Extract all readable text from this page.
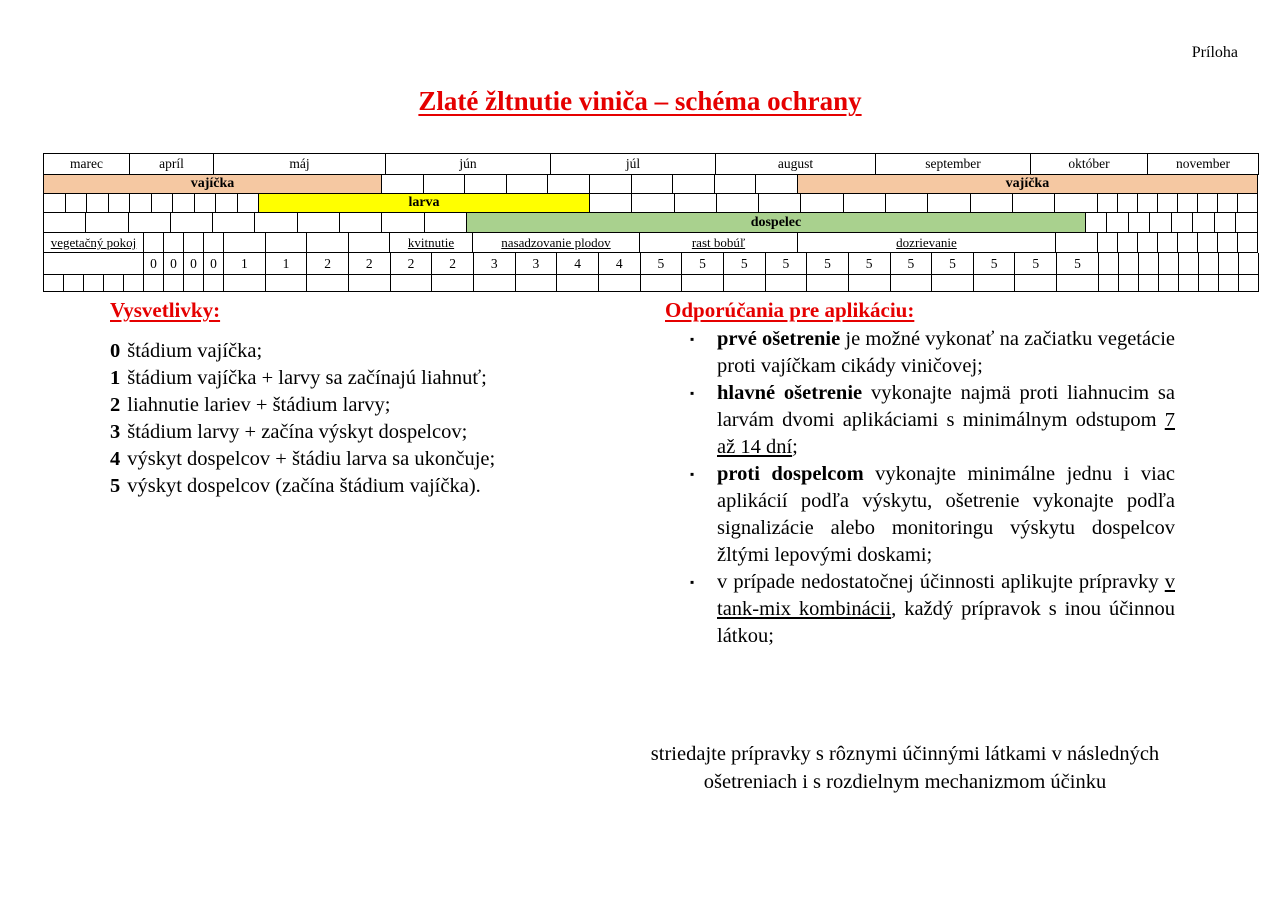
Príloha
Zlaté žltnutie viniča – schéma ochrany
marec	apríl	máj	jún	júl	august	september	október	november
vajíčka	vajíčka
larva
dospelec
vegetačný pokoj	kvitnutie	nasadzovanie plodov	rast bobúľ	dozrievanie
0 0 0 0	1	1	2	2	2	2	3	3	4	4	5	5	5	5	5	5	5	5	5	5	5
Vysvetlivky:
0 štádium vajíčka;
1 štádium vajíčka + larvy sa začínajú liahnuť;
2 liahnutie lariev + štádium larvy;
3 štádium larvy + začína výskyt dospelcov;
4 výskyt dospelcov + štádiu larva sa ukončuje;
5 výskyt dospelcov (začína štádium vajíčka).
Odporúčania pre aplikáciu:
▪	prvé ošetrenie je možné vykonať na začiatku vegetácie proti vajíčkam cikády viničovej;
▪	hlavné ošetrenie vykonajte najmä proti liahnucim sa larvám dvomi aplikáciami s minimálnym odstupom 7 až 14 dní;
▪	proti dospelcom vykonajte minimálne jednu i viac aplikácií podľa výskytu, ošetrenie vykonajte podľa signalizácie alebo monitoringu výskytu dospelcov žltými lepovými doskami;
▪	v prípade nedostatočnej účinnosti aplikujte prípravky v tank-mix kombinácii, každý prípravok s inou účinnou látkou;
striedajte prípravky s rôznymi účinnými látkami v následných ošetreniach i s rozdielnym mechanizmom účinku
